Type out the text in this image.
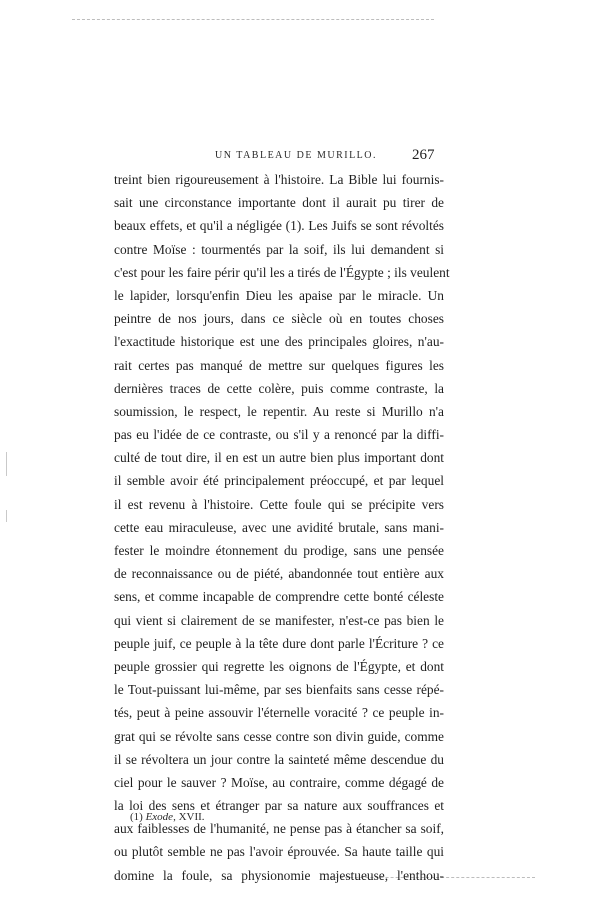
UN TABLEAU DE MURILLO. 267
treint bien rigoureusement à l'histoire. La Bible lui fournis-
sait une circonstance importante dont il aurait pu tirer de
beaux effets, et qu'il a négligée (1). Les Juifs se sont révoltés
contre Moïse : tourmentés par la soif, ils lui demandent si
c'est pour les faire périr qu'il les a tirés de l'Égypte ; ils veulent
le lapider, lorsqu'enfin Dieu les apaise par le miracle. Un
peintre de nos jours, dans ce siècle où en toutes choses
l'exactitude historique est une des principales gloires, n'au-
rait certes pas manqué de mettre sur quelques figures les
dernières traces de cette colère, puis comme contraste, la
soumission, le respect, le repentir. Au reste si Murillo n'a
pas eu l'idée de ce contraste, ou s'il y a renoncé par la diffi-
culté de tout dire, il en est un autre bien plus important dont
il semble avoir été principalement préoccupé, et par lequel
il est revenu à l'histoire. Cette foule qui se précipite vers
cette eau miraculeuse, avec une avidité brutale, sans mani-
fester le moindre étonnement du prodige, sans une pensée
de reconnaissance ou de piété, abandonnée tout entière aux
sens, et comme incapable de comprendre cette bonté céleste
qui vient si clairement de se manifester, n'est-ce pas bien le
peuple juif, ce peuple à la tête dure dont parle l'Écriture ? ce
peuple grossier qui regrette les oignons de l'Égypte, et dont
le Tout-puissant lui-même, par ses bienfaits sans cesse répé-
tés, peut à peine assouvir l'éternelle voracité ? ce peuple in-
grat qui se révolte sans cesse contre son divin guide, comme
il se révoltera un jour contre la sainteté même descendue du
ciel pour le sauver ? Moïse, au contraire, comme dégagé de
la loi des sens et étranger par sa nature aux souffrances et
aux faiblesses de l'humanité, ne pense pas à étancher sa soif,
ou plutôt semble ne pas l'avoir éprouvée. Sa haute taille qui
domine la foule, sa physionomie majestueuse, l'enthou-
(1) Exode, XVII.
